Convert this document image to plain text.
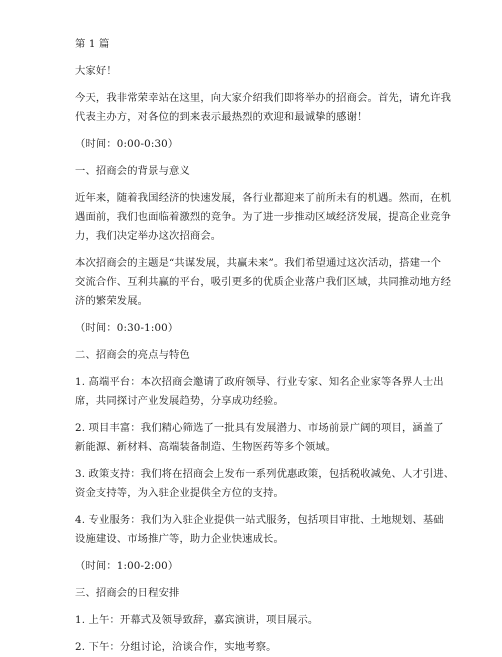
第 1 篇

大家好！

今天，我非常荣幸站在这里，向大家介绍我们即将举办的招商会。首先，请允许我
代表主办方，对各位的到来表示最热烈的欢迎和最诚挚的感谢！

（时间：0:00-0:30）

一、招商会的背景与意义

近年来，随着我国经济的快速发展，各行业都迎来了前所未有的机遇。然而，在机
遇面前，我们也面临着激烈的竞争。为了进一步推动区域经济发展，提高企业竞争
力，我们决定举办这次招商会。

本次招商会的主题是“共谋发展，共赢未来”。我们希望通过这次活动，搭建一个
交流合作、互利共赢的平台，吸引更多的优质企业落户我们区域，共同推动地方经
济的繁荣发展。

（时间：0:30-1:00）

二、招商会的亮点与特色

1. 高端平台：本次招商会邀请了政府领导、行业专家、知名企业家等各界人士出
席，共同探讨产业发展趋势，分享成功经验。

2. 项目丰富：我们精心筛选了一批具有发展潜力、市场前景广阔的项目，涵盖了
新能源、新材料、高端装备制造、生物医药等多个领域。

3. 政策支持：我们将在招商会上发布一系列优惠政策，包括税收减免、人才引进、
资金支持等，为入驻企业提供全方位的支持。

4. 专业服务：我们为入驻企业提供一站式服务，包括项目审批、土地规划、基础
设施建设、市场推广等，助力企业快速成长。

（时间：1:00-2:00）

三、招商会的日程安排

1. 上午：开幕式及领导致辞，嘉宾演讲，项目展示。

2. 下午：分组讨论，洽谈合作，实地考察。
